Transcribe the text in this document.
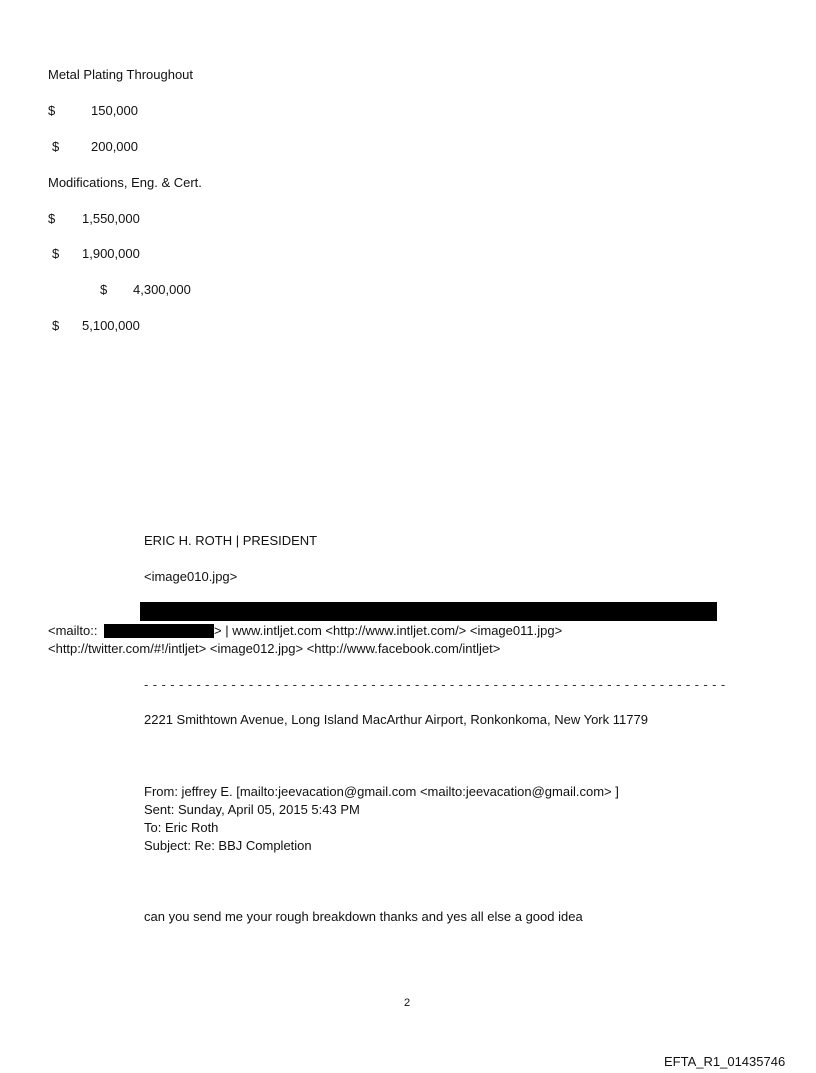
Metal Plating Throughout
$	150,000
$ 200,000
Modifications, Eng. & Cert.
$ 1,550,000
$ 1,900,000
$ 4,300,000
$ 5,100,000
ERIC H. ROTH | PRESIDENT
<image010.jpg>
<mailto::	> | www.intljet.com <http://www.intljet.com/> <image011.jpg>
<http://twitter.com/#!/intljet> <image012.jpg> <http://www.facebook.com/intljet>
- - - - - - - - - - - - - - - - - - - - - - - - - - - - - - - - - - - - - - - - - - - - - - - - - - - - - - - - - - - - - - - - - - -
2221 Smithtown Avenue, Long Island MacArthur Airport, Ronkonkoma, New York 11779
From: jeffrey E. [mailto:jeevacation@gmail.com <mailto:jeevacation@gmail.com> ]
Sent: Sunday, April 05, 2015 5:43 PM
To: Eric Roth
Subject: Re: BBJ Completion
can you send me your rough breakdown thanks and yes all else a good idea
2
EFTA_R1_01435746
